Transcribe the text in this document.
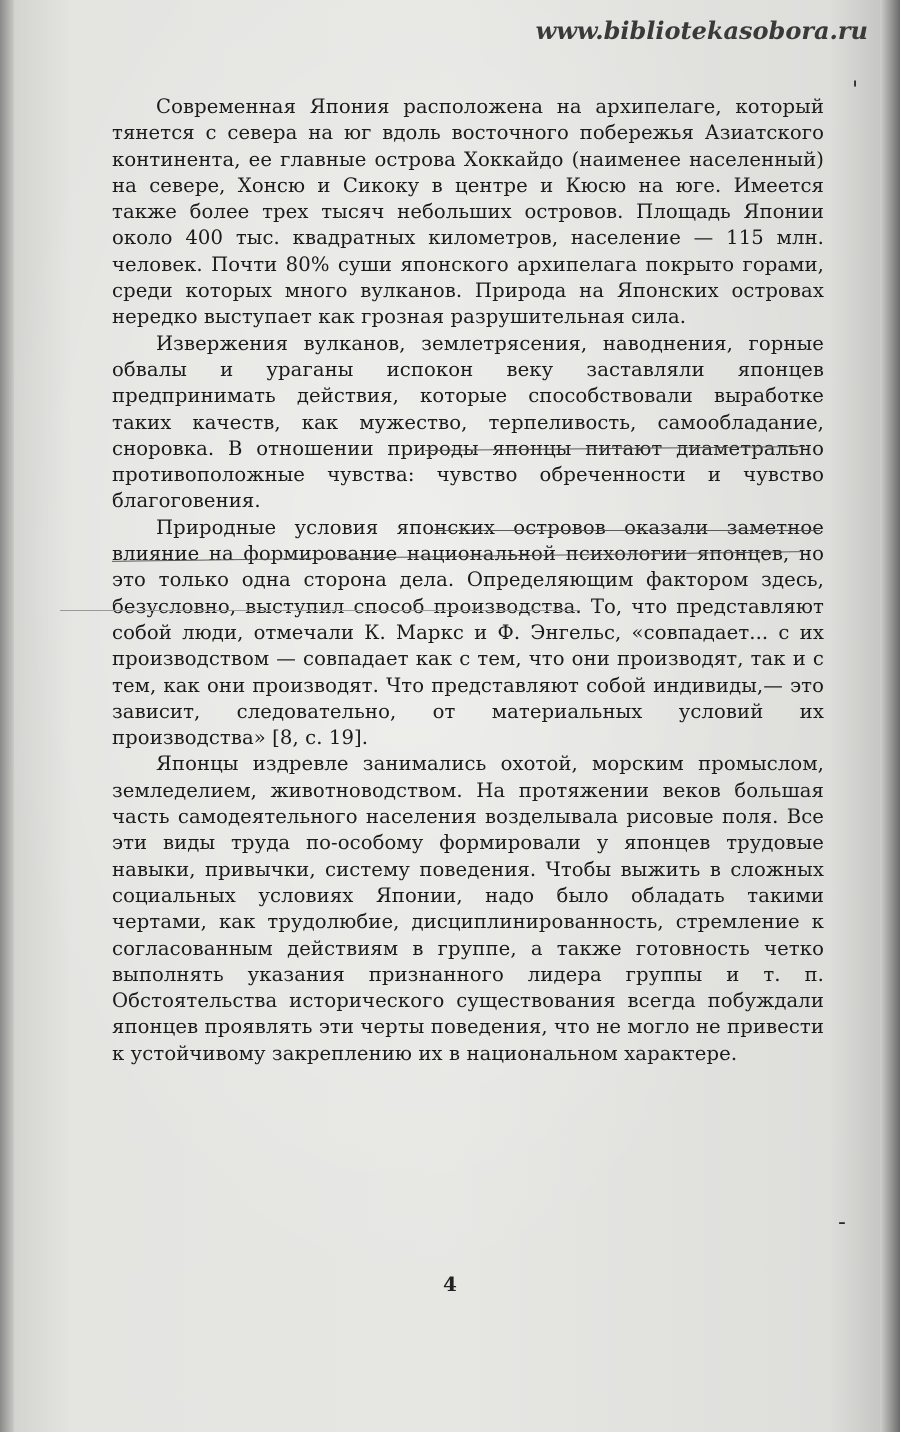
www.bibliotekasobora.ru

Современная Япония расположена на архипелаге, который тянется с севера на юг вдоль восточного побережья Азиатского континента, ее главные острова Хоккайдо (наименее населенный) на севере, Хонсю и Сикоку в центре и Кюсю на юге. Имеется также более трех тысяч небольших островов. Площадь Японии около 400 тыс. квадратных километров, население — 115 млн. человек. Почти 80% суши японского архипелага покрыто горами, среди которых много вулканов. Природа на Японских островах нередко выступает как грозная разрушительная сила.

Извержения вулканов, землетрясения, наводнения, горные обвалы и ураганы испокон веку заставляли японцев предпринимать действия, которые способствовали выработке таких качеств, как мужество, терпеливость, самообладание, сноровка. В отношении природы японцы питают диаметрально противоположные чувства: чувство обреченности и чувство благоговения.

Природные условия японских островов оказали заметное влияние на формирование национальной психологии японцев, но это только одна сторона дела. Определяющим фактором здесь, безусловно, выступил способ производства. То, что представляют собой люди, отмечали К. Маркс и Ф. Энгельс, «совпадает... с их производством — совпадает как с тем, что они производят, так и с тем, как они производят. Что представляют собой индивиды,— это зависит, следовательно, от материальных условий их производства» [8, с. 19].

Японцы издревле занимались охотой, морским промыслом, земледелием, животноводством. На протяжении веков большая часть самодеятельного населения возделывала рисовые поля. Все эти виды труда по-особому формировали у японцев трудовые навыки, привычки, систему поведения. Чтобы выжить в сложных социальных условиях Японии, надо было обладать такими чертами, как трудолюбие, дисциплинированность, стремление к согласованным действиям в группе, а также готовность четко выполнять указания признанного лидера группы и т. п. Обстоятельства исторического существования всегда побуждали японцев проявлять эти черты поведения, что не могло не привести к устойчивому закреплению их в национальном характере.

'
-
4
